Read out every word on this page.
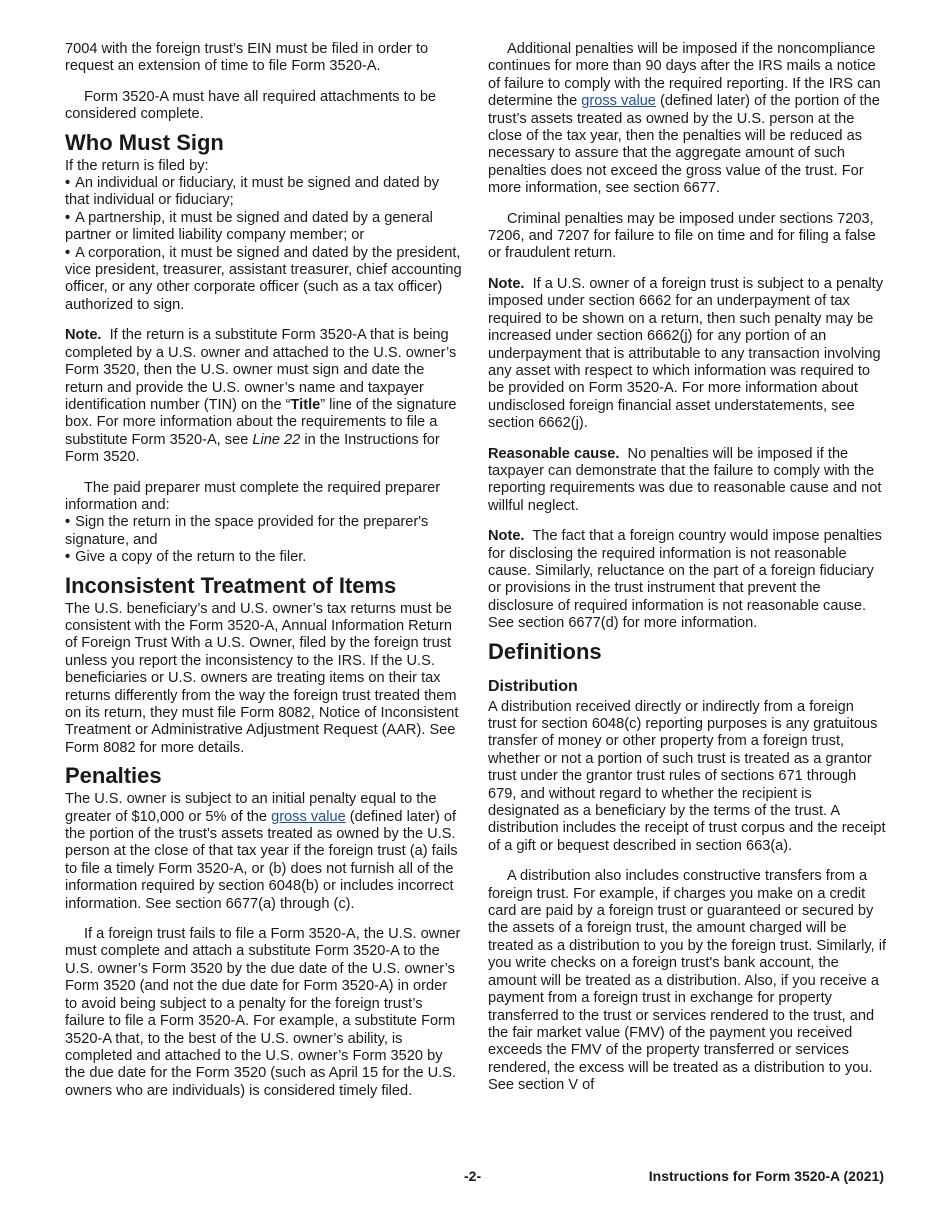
7004 with the foreign trust’s EIN must be filed in order to request an extension of time to file Form 3520-A.

Form 3520-A must have all required attachments to be considered complete.

Who Must Sign

If the return is filed by:

• An individual or fiduciary, it must be signed and dated by that individual or fiduciary;

• A partnership, it must be signed and dated by a general partner or limited liability company member; or

• A corporation, it must be signed and dated by the president, vice president, treasurer, assistant treasurer, chief accounting officer, or any other corporate officer (such as a tax officer) authorized to sign.

Note. If the return is a substitute Form 3520-A that is being completed by a U.S. owner and attached to the U.S. owner’s Form 3520, then the U.S. owner must sign and date the return and provide the U.S. owner’s name and taxpayer identification number (TIN) on the “Title” line of the signature box. For more information about the requirements to file a substitute Form 3520-A, see Line 22 in the Instructions for Form 3520.

The paid preparer must complete the required preparer information and:

• Sign the return in the space provided for the preparer's signature, and

• Give a copy of the return to the filer.

Inconsistent Treatment of Items

The U.S. beneficiary’s and U.S. owner’s tax returns must be consistent with the Form 3520-A, Annual Information Return of Foreign Trust With a U.S. Owner, filed by the foreign trust unless you report the inconsistency to the IRS. If the U.S. beneficiaries or U.S. owners are treating items on their tax returns differently from the way the foreign trust treated them on its return, they must file Form 8082, Notice of Inconsistent Treatment or Administrative Adjustment Request (AAR). See Form 8082 for more details.

Penalties

The U.S. owner is subject to an initial penalty equal to the greater of $10,000 or 5% of the gross value (defined later) of the portion of the trust's assets treated as owned by the U.S. person at the close of that tax year if the foreign trust (a) fails to file a timely Form 3520-A, or (b) does not furnish all of the information required by section 6048(b) or includes incorrect information. See section 6677(a) through (c).

If a foreign trust fails to file a Form 3520-A, the U.S. owner must complete and attach a substitute Form 3520-A to the U.S. owner’s Form 3520 by the due date of the U.S. owner’s Form 3520 (and not the due date for Form 3520-A) in order to avoid being subject to a penalty for the foreign trust’s failure to file a Form 3520-A. For example, a substitute Form 3520-A that, to the best of the U.S. owner’s ability, is completed and attached to the U.S. owner’s Form 3520 by the due date for the Form 3520 (such as April 15 for the U.S. owners who are individuals) is considered timely filed.

Additional penalties will be imposed if the noncompliance continues for more than 90 days after the IRS mails a notice of failure to comply with the required reporting. If the IRS can determine the gross value (defined later) of the portion of the trust’s assets treated as owned by the U.S. person at the close of the tax year, then the penalties will be reduced as necessary to assure that the aggregate amount of such penalties does not exceed the gross value of the trust. For more information, see section 6677.

Criminal penalties may be imposed under sections 7203, 7206, and 7207 for failure to file on time and for filing a false or fraudulent return.

Note. If a U.S. owner of a foreign trust is subject to a penalty imposed under section 6662 for an underpayment of tax required to be shown on a return, then such penalty may be increased under section 6662(j) for any portion of an underpayment that is attributable to any transaction involving any asset with respect to which information was required to be provided on Form 3520-A. For more information about undisclosed foreign financial asset understatements, see section 6662(j).

Reasonable cause. No penalties will be imposed if the taxpayer can demonstrate that the failure to comply with the reporting requirements was due to reasonable cause and not willful neglect.

Note. The fact that a foreign country would impose penalties for disclosing the required information is not reasonable cause. Similarly, reluctance on the part of a foreign fiduciary or provisions in the trust instrument that prevent the disclosure of required information is not reasonable cause. See section 6677(d) for more information.

Definitions
Distribution

A distribution received directly or indirectly from a foreign trust for section 6048(c) reporting purposes is any gratuitous transfer of money or other property from a foreign trust, whether or not a portion of such trust is treated as a grantor trust under the grantor trust rules of sections 671 through 679, and without regard to whether the recipient is designated as a beneficiary by the terms of the trust. A distribution includes the receipt of trust corpus and the receipt of a gift or bequest described in section 663(a).

A distribution also includes constructive transfers from a foreign trust. For example, if charges you make on a credit card are paid by a foreign trust or guaranteed or secured by the assets of a foreign trust, the amount charged will be treated as a distribution to you by the foreign trust. Similarly, if you write checks on a foreign trust's bank account, the amount will be treated as a distribution. Also, if you receive a payment from a foreign trust in exchange for property transferred to the trust or services rendered to the trust, and the fair market value (FMV) of the payment you received exceeds the FMV of the property transferred or services rendered, the excess will be treated as a distribution to you. See section V of

-2-	Instructions for Form 3520-A (2021)
